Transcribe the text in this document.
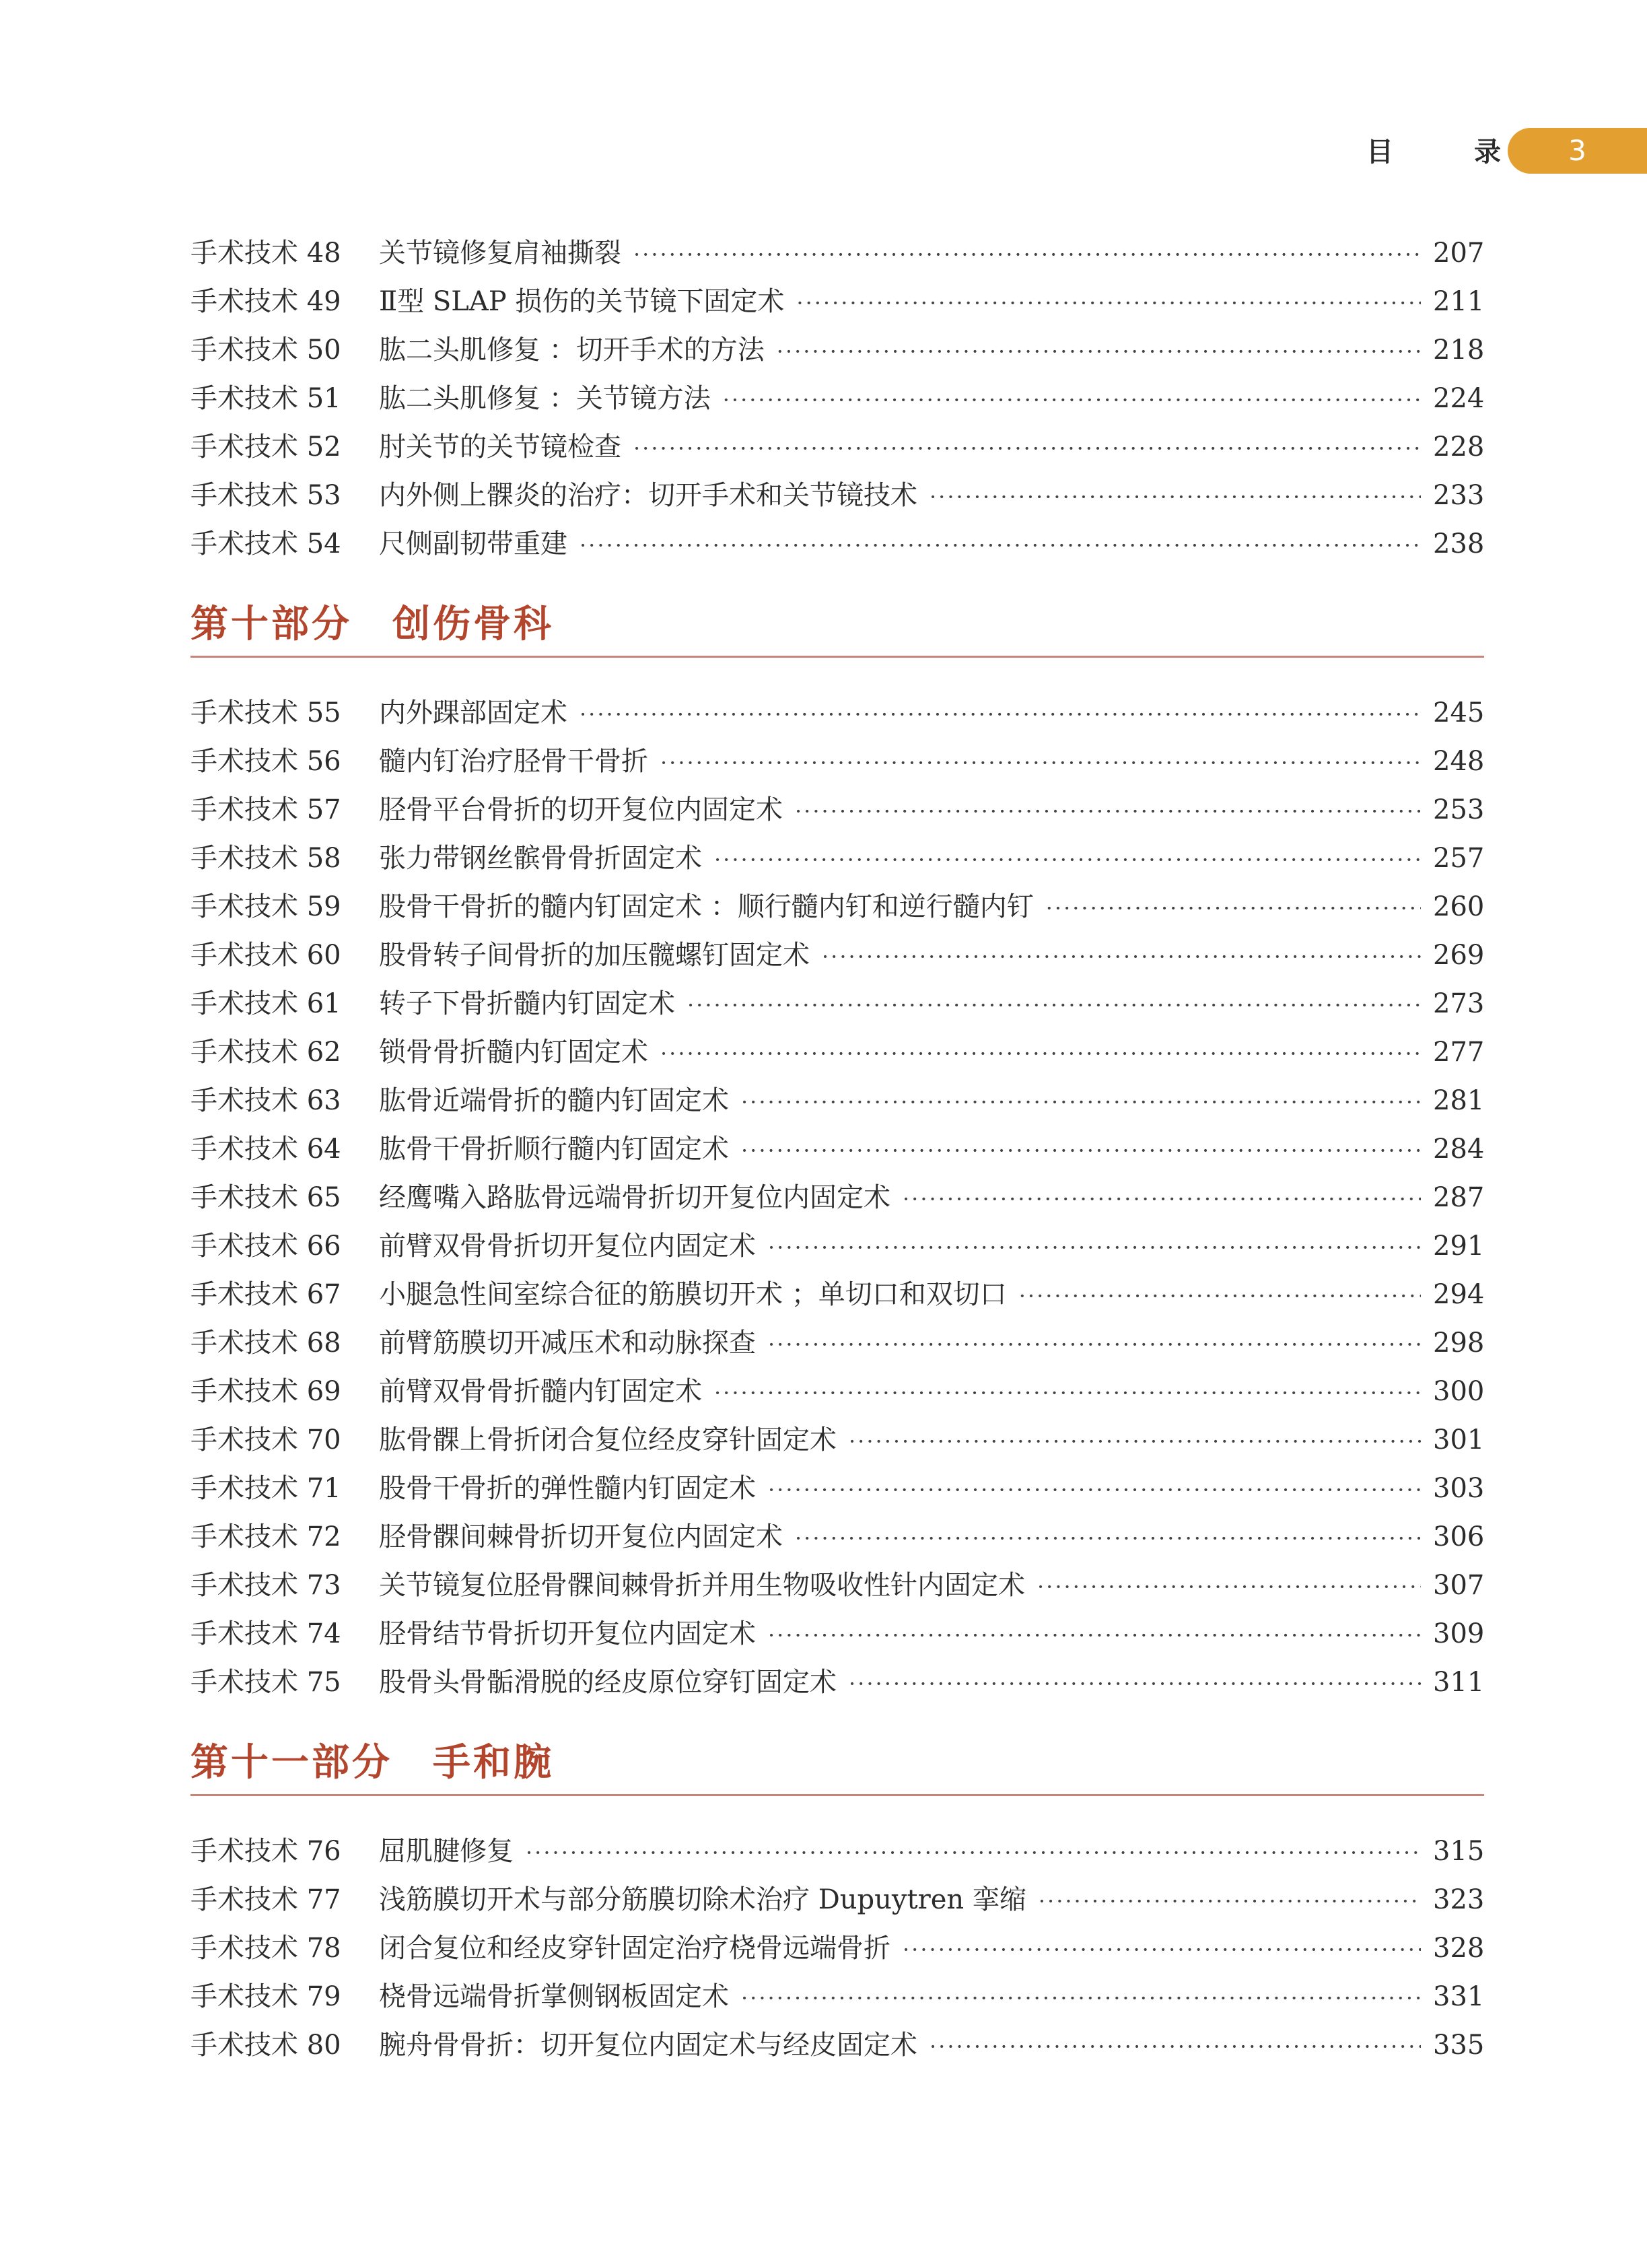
目	录	3
手术技术 48	关节镜修复肩袖撕裂 ·····	207
手术技术 49	Ⅱ型 SLAP 损伤的关节镜下固定术 ·····	211
手术技术 50	肱二头肌修复 ：切开手术的方法 ·····	218
手术技术 51	肱二头肌修复 ：关节镜方法 ·····	224
手术技术 52	肘关节的关节镜检查 ·····	228
手术技术 53	内外侧上髁炎的治疗：切开手术和关节镜技术 ·····	233
手术技术 54	尺侧副韧带重建 ·····	238
第十部分 创伤骨科
手术技术 55	内外踝部固定术 ·····	245
手术技术 56	髓内钉治疗胫骨干骨折 ·····	248
手术技术 57	胫骨平台骨折的切开复位内固定术 ·····	253
手术技术 58	张力带钢丝髌骨骨折固定术 ·····	257
手术技术 59	股骨干骨折的髓内钉固定术 ：顺行髓内钉和逆行髓内钉 ·····	260
手术技术 60	股骨转子间骨折的加压髋螺钉固定术 ·····	269
手术技术 61	转子下骨折髓内钉固定术 ·····	273
手术技术 62	锁骨骨折髓内钉固定术 ·····	277
手术技术 63	肱骨近端骨折的髓内钉固定术 ·····	281
手术技术 64	肱骨干骨折顺行髓内钉固定术 ·····	284
手术技术 65	经鹰嘴入路肱骨远端骨折切开复位内固定术 ·····	287
手术技术 66	前臂双骨骨折切开复位内固定术 ·····	291
手术技术 67	小腿急性间室综合征的筋膜切开术 ；单切口和双切口 ·····	294
手术技术 68	前臂筋膜切开减压术和动脉探查 ·····	298
手术技术 69	前臂双骨骨折髓内钉固定术 ·····	300
手术技术 70	肱骨髁上骨折闭合复位经皮穿针固定术 ·····	301
手术技术 71	股骨干骨折的弹性髓内钉固定术 ·····	303
手术技术 72	胫骨髁间棘骨折切开复位内固定术 ·····	306
手术技术 73	关节镜复位胫骨髁间棘骨折并用生物吸收性针内固定术 ·····	307
手术技术 74	胫骨结节骨折切开复位内固定术 ·····	309
手术技术 75	股骨头骨骺滑脱的经皮原位穿钉固定术 ·····	311
第十一部分 手和腕
手术技术 76	屈肌腱修复 ·····	315
手术技术 77	浅筋膜切开术与部分筋膜切除术治疗 Dupuytren 挛缩 ·····	323
手术技术 78	闭合复位和经皮穿针固定治疗桡骨远端骨折 ·····	328
手术技术 79	桡骨远端骨折掌侧钢板固定术 ·····	331
手术技术 80	腕舟骨骨折：切开复位内固定术与经皮固定术 ·····	335
